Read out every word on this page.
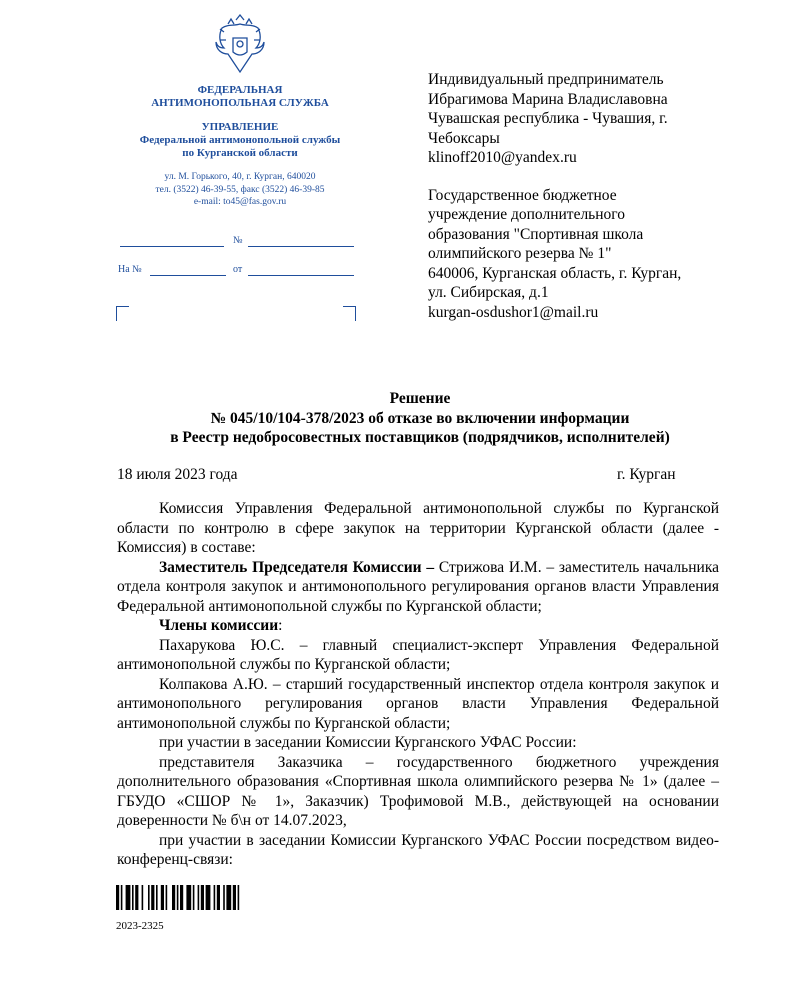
ФЕДЕРАЛЬНАЯ
АНТИМОНОПОЛЬНАЯ СЛУЖБА
УПРАВЛЕНИЕ
Федеральной антимонопольной службы
по Курганской области
ул. М. Горького, 40, г. Курган, 640020
тел. (3522) 46-39-55, факс (3522) 46-39-85
e-mail: to45@fas.gov.ru
№
На №	от
Индивидуальный предприниматель
Ибрагимова Марина Владиславовна
Чувашская республика - Чувашия, г.
Чебоксары
klinoff2010@yandex.ru
Государственное бюджетное
учреждение дополнительного
образования "Спортивная школа
олимпийского резерва № 1"
640006, Курганская область, г. Курган,
ул. Сибирская, д.1
kurgan-osdushor1@mail.ru
Решение
№ 045/10/104-378/2023 об отказе во включении информации
в Реестр недобросовестных поставщиков (подрядчиков, исполнителей)
18 июля 2023 года	г. Курган

Комиссия Управления Федеральной антимонопольной службы по Курганской области по контролю в сфере закупок на территории Курганской области (далее - Комиссия) в составе:

Заместитель Председателя Комиссии – Стрижова И.М. – заместитель начальника отдела контроля закупок и антимонопольного регулирования органов власти Управления Федеральной антимонопольной службы по Курганской области;

Члены комиссии:

Пахарукова Ю.С. – главный специалист-эксперт Управления Федеральной антимонопольной службы по Курганской области;

Колпакова А.Ю. – старший государственный инспектор отдела контроля закупок и антимонопольного регулирования органов власти Управления Федеральной антимонопольной службы по Курганской области;

при участии в заседании Комиссии Курганского УФАС России:

представителя Заказчика – государственного бюджетного учреждения дополнительного образования «Спортивная школа олимпийского резерва № 1» (далее – ГБУДО «СШОР № 1», Заказчик) Трофимовой М.В., действующей на основании доверенности № б\н от 14.07.2023,

при участии в заседании Комиссии Курганского УФАС России посредством видео-конференц-связи:

2023-2325
